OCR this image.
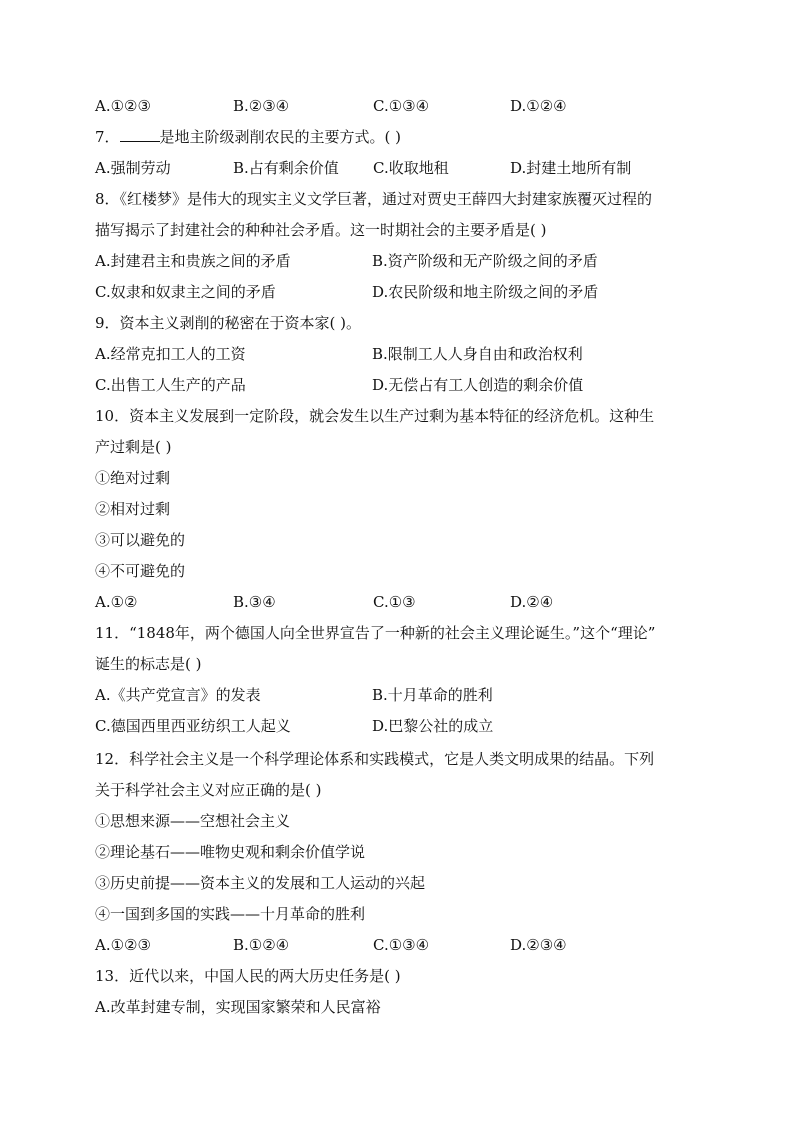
A.①②③	B.②③④	C.①③④	D.①②④
7．	是地主阶级剥削农民的主要方式。( )
A.强制劳动	B.占有剩余价值 C.收取地租	D.封建土地所有制
8．《红楼梦》是伟大的现实主义文学巨著，通过对贾史王薛四大封建家族覆灭过程的
描写揭示了封建社会的种种社会矛盾。这一时期社会的主要矛盾是( )
A.封建君主和贵族之间的矛盾	B.资产阶级和无产阶级之间的矛盾
C.奴隶和奴隶主之间的矛盾	D.农民阶级和地主阶级之间的矛盾
9．资本主义剥削的秘密在于资本家( )。
A.经常克扣工人的工资	B.限制工人人身自由和政治权利
C.出售工人生产的产品	D.无偿占有工人创造的剩余价值
10．资本主义发展到一定阶段，就会发生以生产过剩为基本特征的经济危机。这种生
产过剩是( )
①绝对过剩
②相对过剩
③可以避免的
④不可避免的
A.①②	B.③④	C.①③	D.②④
11．“1848年，两个德国人向全世界宣告了一种新的社会主义理论诞生。”这个“理论”
诞生的标志是( )
A.《共产党宣言》的发表	B.十月革命的胜利
C.德国西里西亚纺织工人起义	D.巴黎公社的成立
12．科学社会主义是一个科学理论体系和实践模式，它是人类文明成果的结晶。下列
关于科学社会主义对应正确的是( )
①思想来源——空想社会主义
②理论基石——唯物史观和剩余价值学说
③历史前提——资本主义的发展和工人运动的兴起
④一国到多国的实践——十月革命的胜利
A.①②③	B.①②④	C.①③④	D.②③④
13．近代以来，中国人民的两大历史任务是( )
A.改革封建专制，实现国家繁荣和人民富裕
